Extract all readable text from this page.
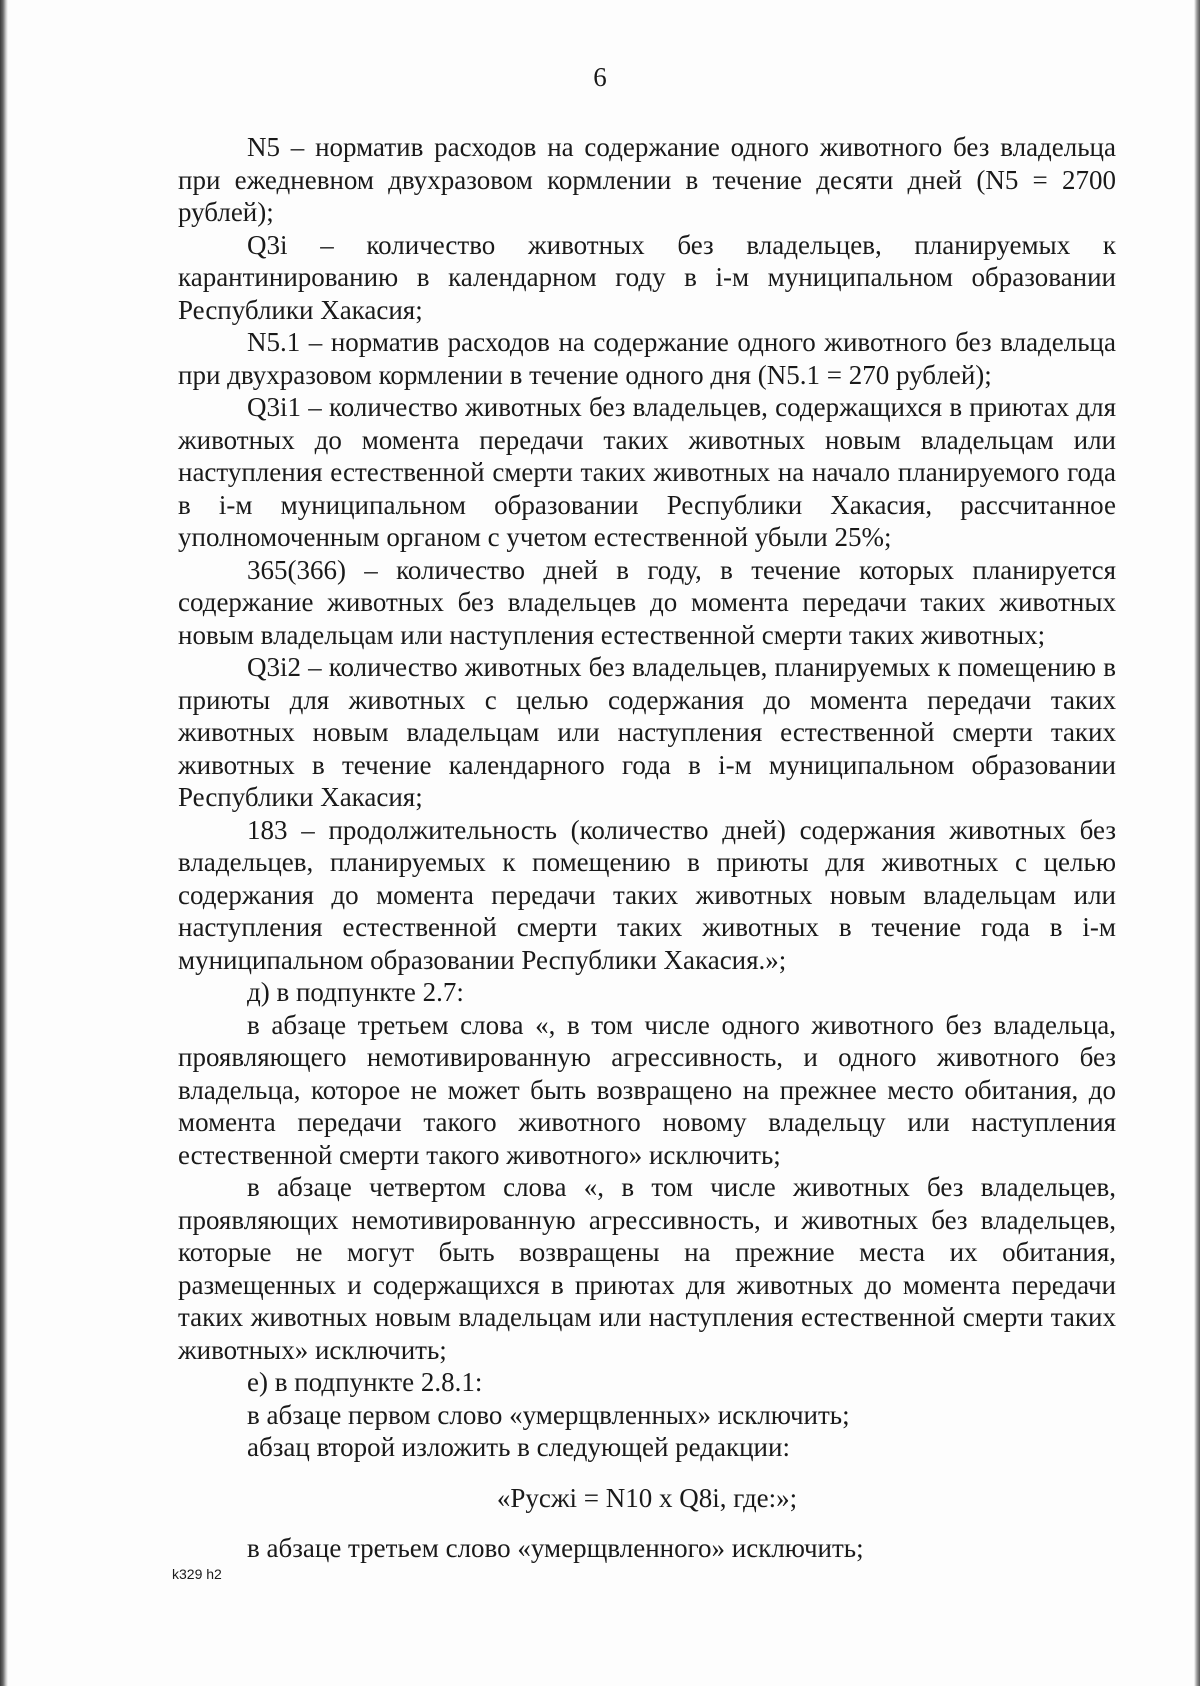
6

N5 – норматив расходов на содержание одного животного без владельца при ежедневном двухразовом кормлении в течение десяти дней (N5 = 2700 рублей);

Q3i – количество животных без владельцев, планируемых к карантинированию в календарном году в i-м муниципальном образовании Республики Хакасия;

N5.1 – норматив расходов на содержание одного животного без владельца при двухразовом кормлении в течение одного дня (N5.1 = 270 рублей);

Q3i1 – количество животных без владельцев, содержащихся в приютах для животных до момента передачи таких животных новым владельцам или наступления естественной смерти таких животных на начало планируемого года в i-м муниципальном образовании Республики Хакасия, рассчитанное уполномоченным органом с учетом естественной убыли 25%;

365(366) – количество дней в году, в течение которых планируется содержание животных без владельцев до момента передачи таких животных новым владельцам или наступления естественной смерти таких животных;

Q3i2 – количество животных без владельцев, планируемых к помещению в приюты для животных с целью содержания до момента передачи таких животных новым владельцам или наступления естественной смерти таких животных в течение календарного года в i-м муниципальном образовании Республики Хакасия;

183 – продолжительность (количество дней) содержания животных без владельцев, планируемых к помещению в приюты для животных с целью содержания до момента передачи таких животных новым владельцам или наступления естественной смерти таких животных в течение года в i-м муниципальном образовании Республики Хакасия.»;

д) в подпункте 2.7:

в абзаце третьем слова «, в том числе одного животного без владельца, проявляющего немотивированную агрессивность, и одного животного без владельца, которое не может быть возвращено на прежнее место обитания, до момента передачи такого животного новому владельцу или наступления естественной смерти такого животного» исключить;

в абзаце четвертом слова «, в том числе животных без владельцев, проявляющих немотивированную агрессивность, и животных без владельцев, которые не могут быть возвращены на прежние места их обитания, размещенных и содержащихся в приютах для животных до момента передачи таких животных новым владельцам или наступления естественной смерти таких животных» исключить;

е) в подпункте 2.8.1:

в абзаце первом слово «умерщвленных» исключить;

абзац второй изложить в следующей редакции:

«Русжi = N10 x Q8i, где:»;

в абзаце третьем слово «умерщвленного» исключить;

k329 h2
